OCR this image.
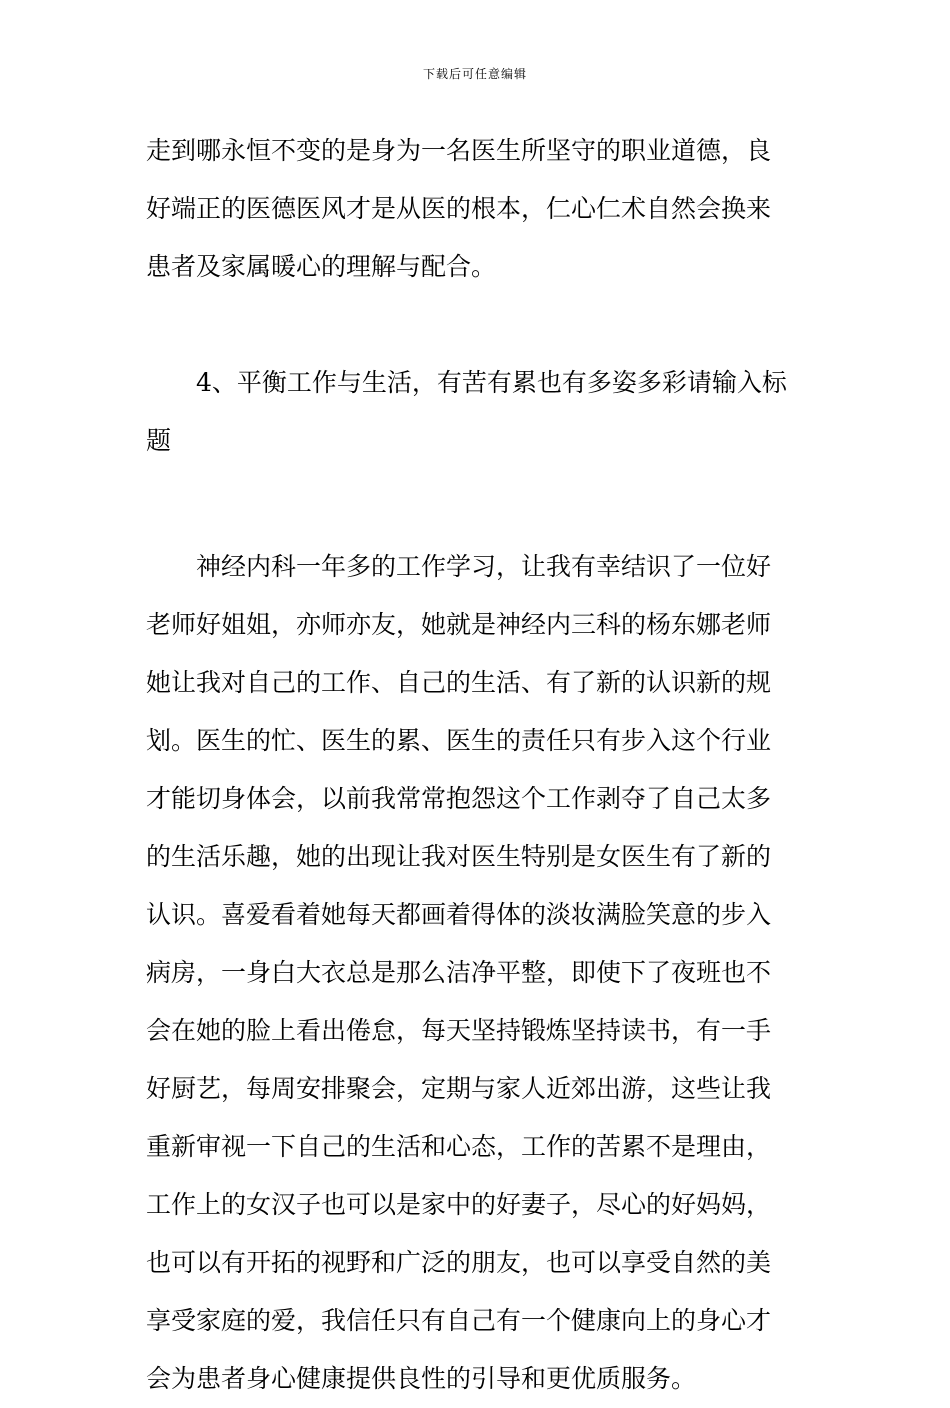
下载后可任意编辑
走到哪永恒不变的是身为一名医生所坚守的职业道德，良
好端正的医德医风才是从医的根本，仁心仁术自然会换来
患者及家属暖心的理解与配合。
4、平衡工作与生活，有苦有累也有多姿多彩请输入标
题
神经内科一年多的工作学习，让我有幸结识了一位好
老师好姐姐，亦师亦友，她就是神经内三科的杨东娜老师
她让我对自己的工作、自己的生活、有了新的认识新的规
划。医生的忙、医生的累、医生的责任只有步入这个行业
才能切身体会，以前我常常抱怨这个工作剥夺了自己太多
的生活乐趣，她的出现让我对医生特别是女医生有了新的
认识。喜爱看着她每天都画着得体的淡妆满脸笑意的步入
病房，一身白大衣总是那么洁净平整，即使下了夜班也不
会在她的脸上看出倦怠，每天坚持锻炼坚持读书，有一手
好厨艺，每周安排聚会，定期与家人近郊出游，这些让我
重新审视一下自己的生活和心态，工作的苦累不是理由，
工作上的女汉子也可以是家中的好妻子，尽心的好妈妈，
也可以有开拓的视野和广泛的朋友，也可以享受自然的美
享受家庭的爱，我信任只有自己有一个健康向上的身心才
会为患者身心健康提供良性的引导和更优质服务。
